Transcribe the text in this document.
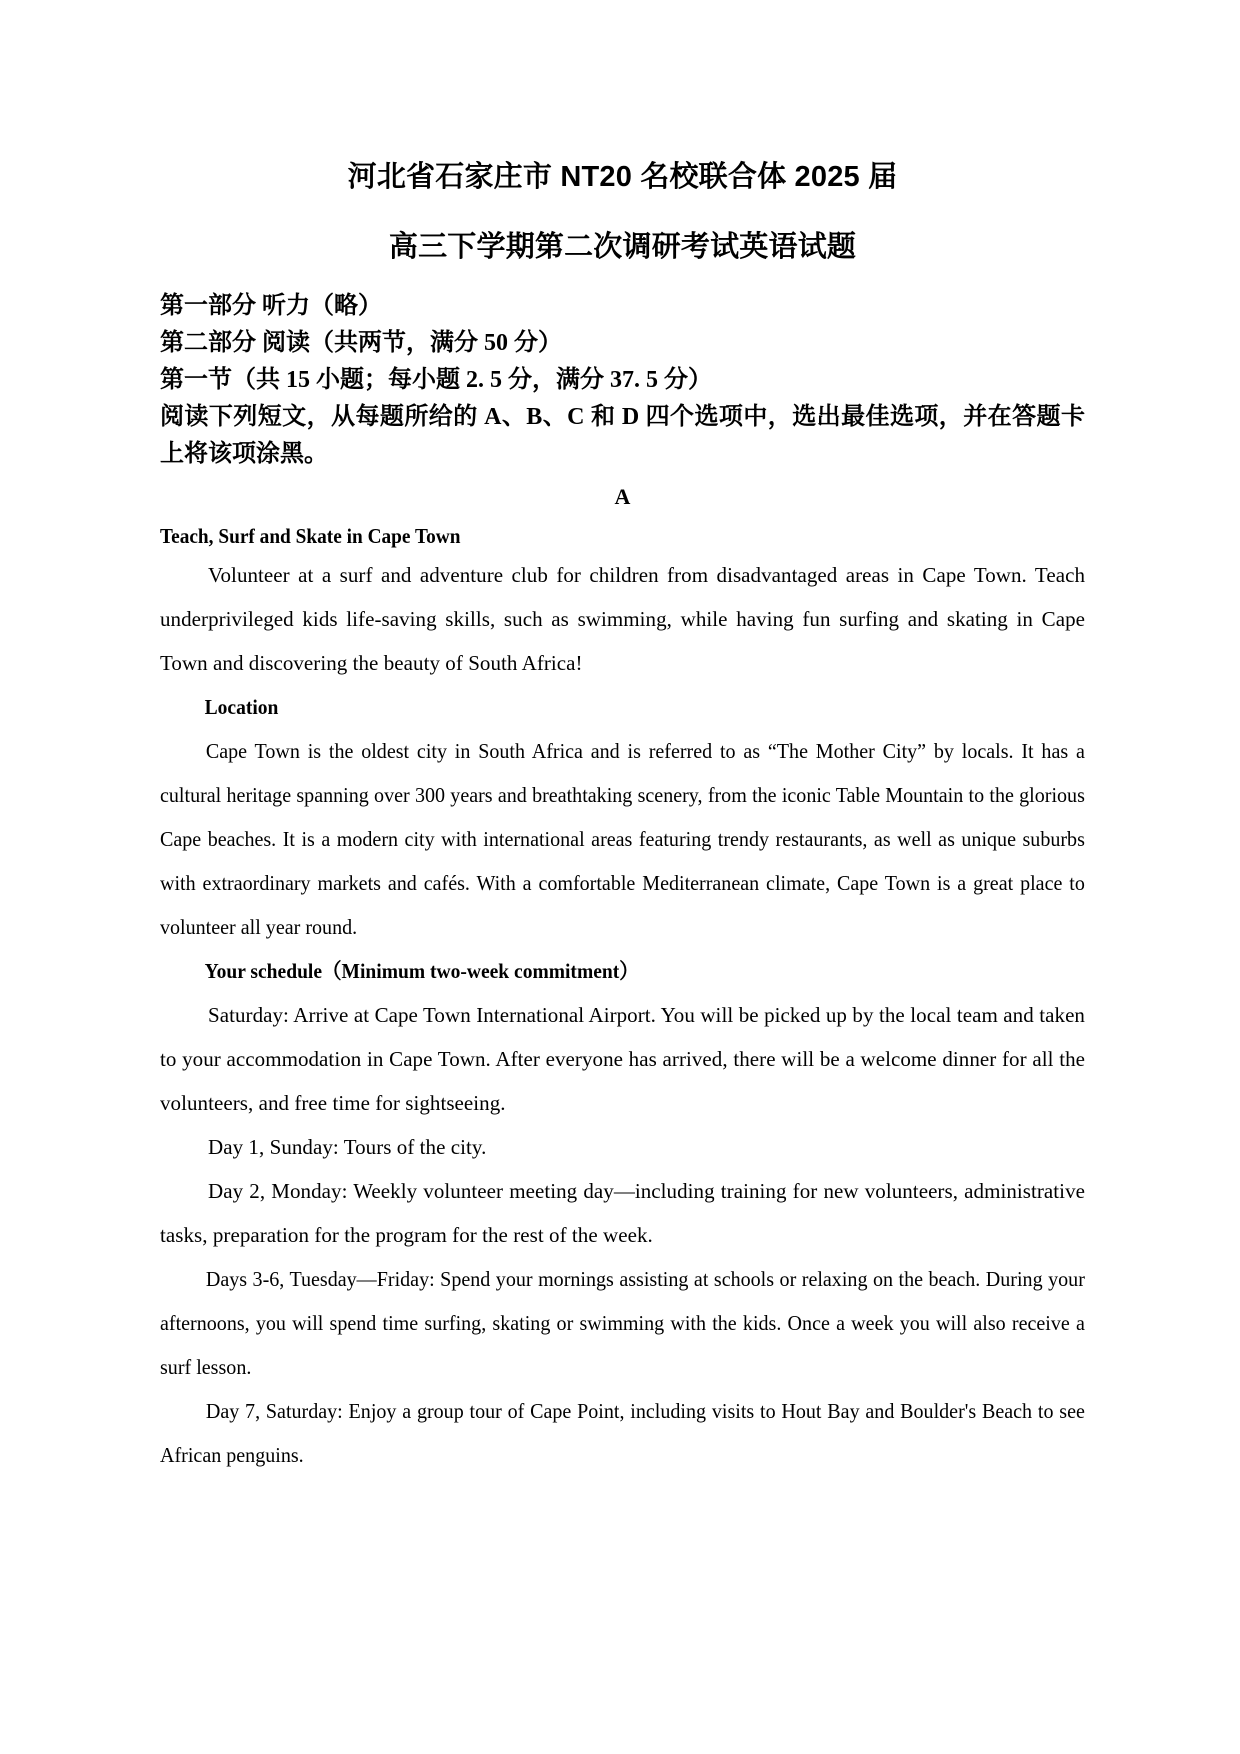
河北省石家庄市 NT20 名校联合体 2025 届
高三下学期第二次调研考试英语试题
第一部分 听力（略）
第二部分 阅读（共两节，满分 50 分）
第一节（共 15 小题；每小题 2. 5 分，满分 37. 5 分）
阅读下列短文，从每题所给的 A、B、C 和 D 四个选项中，选出最佳选项，并在答题卡上将该项涂黑。
A
Teach, Surf and Skate in Cape Town

Volunteer at a surf and adventure club for children from disadvantaged areas in Cape Town. Teach underprivileged kids life-saving skills, such as swimming, while having fun surfing and skating in Cape Town and discovering the beauty of South Africa!

Location

Cape Town is the oldest city in South Africa and is referred to as “The Mother City” by locals. It has a cultural heritage spanning over 300 years and breathtaking scenery, from the iconic Table Mountain to the glorious Cape beaches. It is a modern city with international areas featuring trendy restaurants, as well as unique suburbs with extraordinary markets and cafés. With a comfortable Mediterranean climate, Cape Town is a great place to volunteer all year round.

Your schedule（Minimum two-week commitment）

Saturday: Arrive at Cape Town International Airport. You will be picked up by the local team and taken to your accommodation in Cape Town. After everyone has arrived, there will be a welcome dinner for all the volunteers, and free time for sightseeing.

Day 1, Sunday: Tours of the city.

Day 2, Monday: Weekly volunteer meeting day—including training for new volunteers, administrative tasks, preparation for the program for the rest of the week.

Days 3-6, Tuesday—Friday: Spend your mornings assisting at schools or relaxing on the beach. During your afternoons, you will spend time surfing, skating or swimming with the kids. Once a week you will also receive a surf lesson.

Day 7, Saturday: Enjoy a group tour of Cape Point, including visits to Hout Bay and Boulder's Beach to see African penguins.
